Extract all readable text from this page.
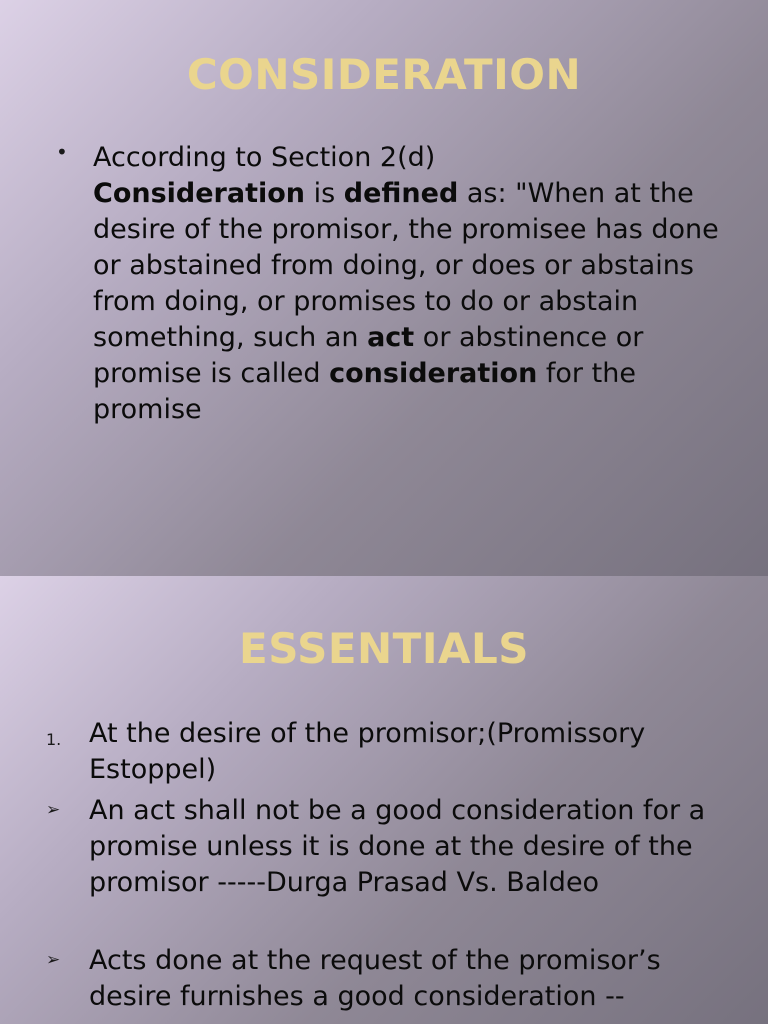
CONSIDERATION
• According to Section 2(d)
Consideration is defined as: "When at the desire of the promisor, the promisee has done or abstained from doing, or does or abstains from doing, or promises to do or abstain something, such an act or abstinence or promise is called consideration for the promise
ESSENTIALS
1. At the desire of the promisor;(Promissory Estoppel)
➢ An act shall not be a good consideration for a promise unless it is done at the desire of the promisor -----Durga Prasad Vs. Baldeo
➢ Acts done at the request of the promisor’s desire furnishes a good consideration --
